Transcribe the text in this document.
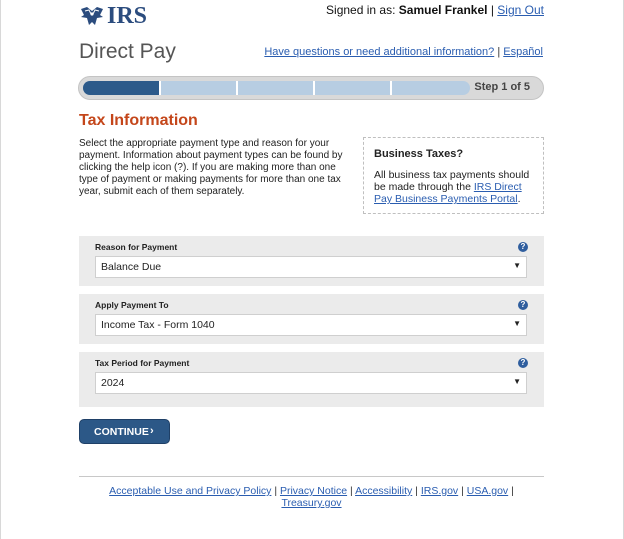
IRS	Signed in as: Samuel Frankel | Sign Out
Direct Pay	Have questions or need additional information? | Español
Step 1 of 5
Tax Information
Select the appropriate payment type and reason for your payment. Information about payment types can be found by clicking the help icon (?). If you are making more than one type of payment or making payments for more than one tax year, submit each of them separately.
Business Taxes?
All business tax payments should be made through the IRS Direct Pay Business Payments Portal.
Reason for Payment	?
Balance Due	▼
Apply Payment To	?
Income Tax - Form 1040	▼
Tax Period for Payment	?
2024	▼
CONTINUE ›
Acceptable Use and Privacy Policy | Privacy Notice | Accessibility | IRS.gov | USA.gov | Treasury.gov
